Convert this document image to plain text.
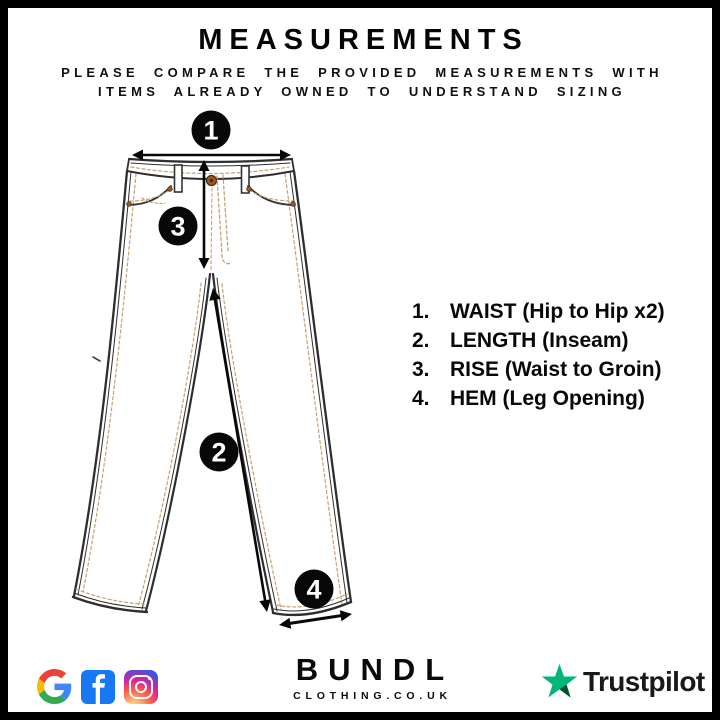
MEASUREMENTS

PLEASE COMPARE THE PROVIDED MEASUREMENTS WITH

ITEMS ALREADY OWNED TO UNDERSTAND SIZING

1
3
2
4
1. WAIST (Hip to Hip x2)
2. LENGTH (Inseam)
3. RISE (Waist to Groin)
4. HEM (Leg Opening)
BUNDL

CLOTHING.CO.UK	Trustpilot
